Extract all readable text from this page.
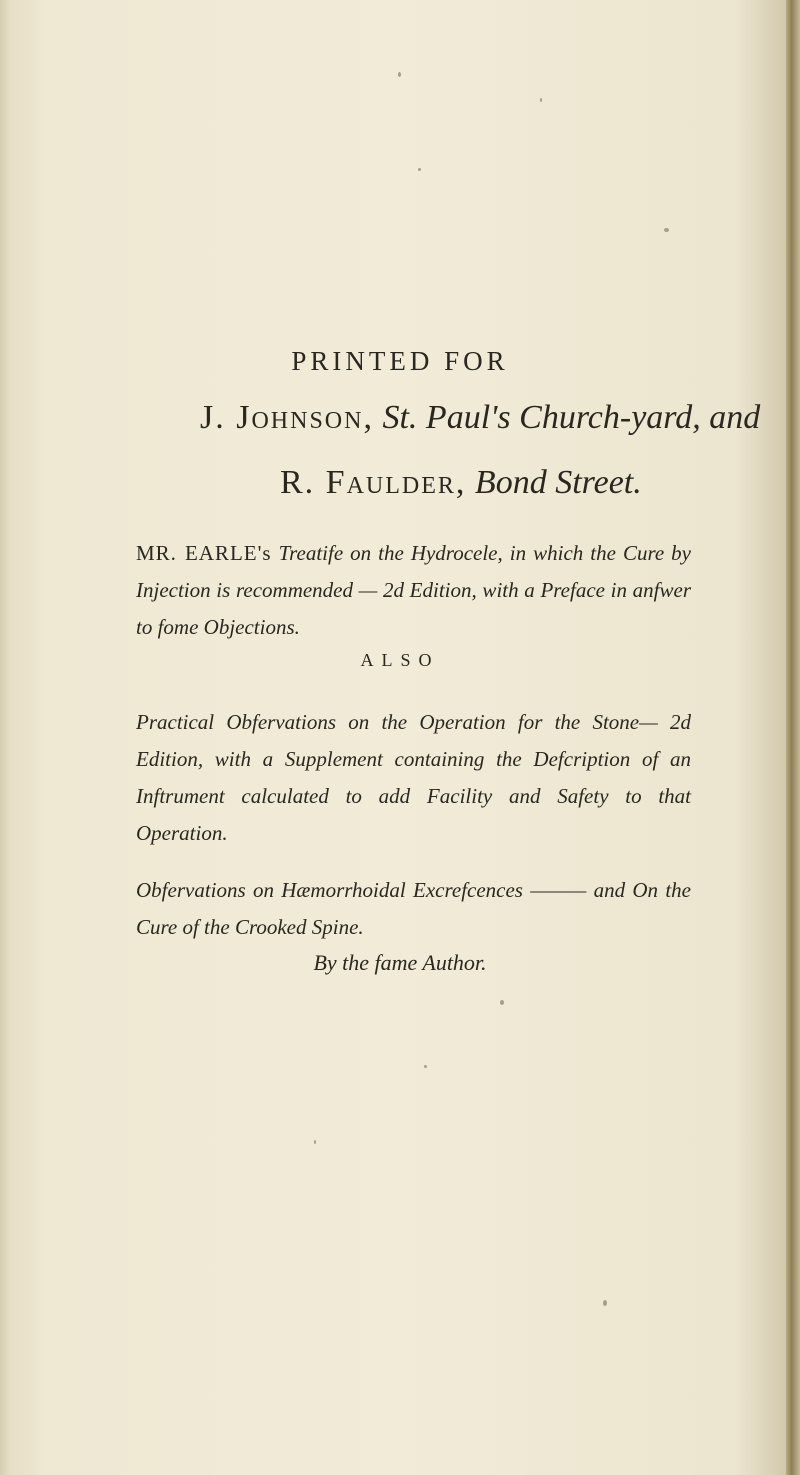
PRINTED FOR
J. Johnson, St. Paul's Church-yard, and
R. Faulder, Bond Street.
MR. EARLE's Treatife on the Hydrocele, in which the Cure by Injection is recommended — 2d Edition, with a Preface in anfwer to fome Objections.
ALSO
Practical Obfervations on the Operation for the Stone— 2d Edition, with a Supplement containing the Defcription of an Inftrument calculated to add Facility and Safety to that Operation.
Obfervations on Hæmorrhoidal Excrefcences ——— and On the Cure of the Crooked Spine.
By the fame Author.
